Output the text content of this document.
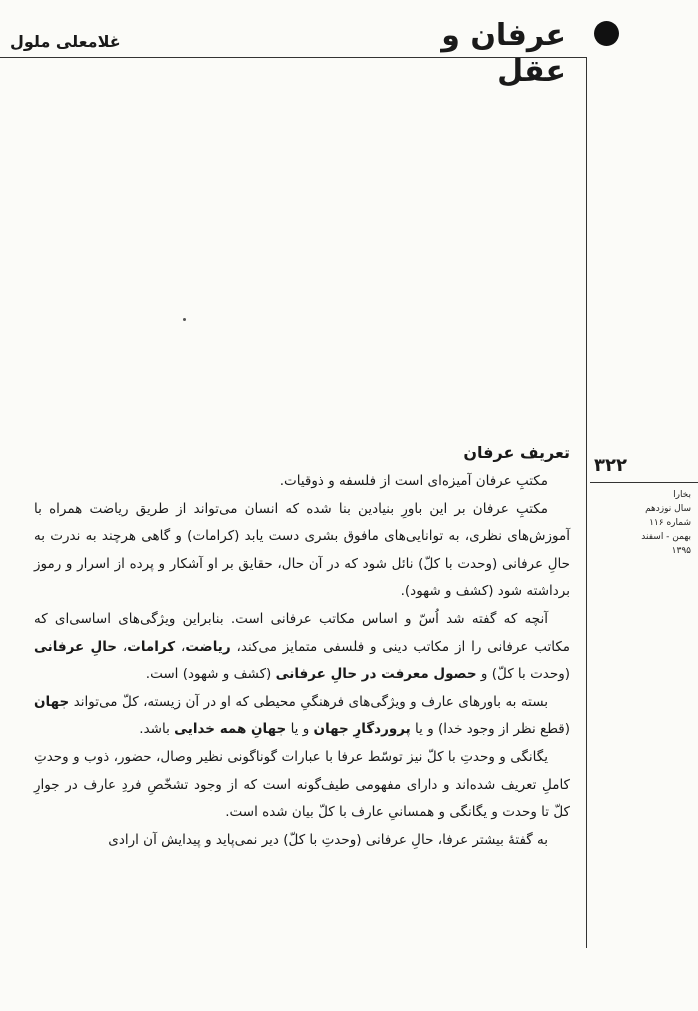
عرفان و عقل
غلامعلی ملول
۳۲۲
بخارا
سال نوزدهم
شماره ۱۱۶
بهمن - اسفند
۱۳۹۵
تعریف عرفان

مکتبِ عرفان آمیزه‌ای است از فلسفه و ذوقیات.

مکتبِ عرفان بر این باورِ بنیادین بنا شده که انسان می‌تواند از طریق ریاضت همراه با آموزش‌های نظری، به توانایی‌های مافوق بشری دست یابد (کرامات) و گاهی هرچند به ندرت به حالِ عرفانی (وحدت با کلّ) نائل شود که در آن حال، حقایق بر او آشکار و پرده از اسرار و رموز برداشته شود (کشف و شهود).

آنچه که گفته شد اُسّ و اساس مکاتب عرفانی است. بنابراین ویژگی‌های اساسی‌ای که مکاتب عرفانی را از مکاتب دینی و فلسفی متمایز می‌کند، ریاضت، کرامات، حالِ عرفانی (وحدت با کلّ) و حصول معرفت در حالِ عرفانی (کشف و شهود) است.

بسته به باورهای عارف و ویژگی‌های فرهنگیِ محیطی که او در آن زیسته، کلّ می‌تواند جهان (قطع نظر از وجود خدا) و یا پروردگارِ جهان و یا جهانِ همه خدایی باشد.

یگانگی و وحدتِ با کلّ نیز توسّط عرفا با عبارات گوناگونی نظیر وصال، حضور، ذوب و وحدتِ کاملِ تعریف شده‌اند و دارای مفهومی طیف‌گونه است که از وجود تشخّصِ فردِ عارف در جوارِ کلّ تا وحدت و یگانگی و همسانیِ عارف با کلّ بیان شده است.

به گفتهٔ بیشتر عرفا، حالِ عرفانی (وحدتِ با کلّ) دیر نمی‌پاید و پیدایش آن ارادی
